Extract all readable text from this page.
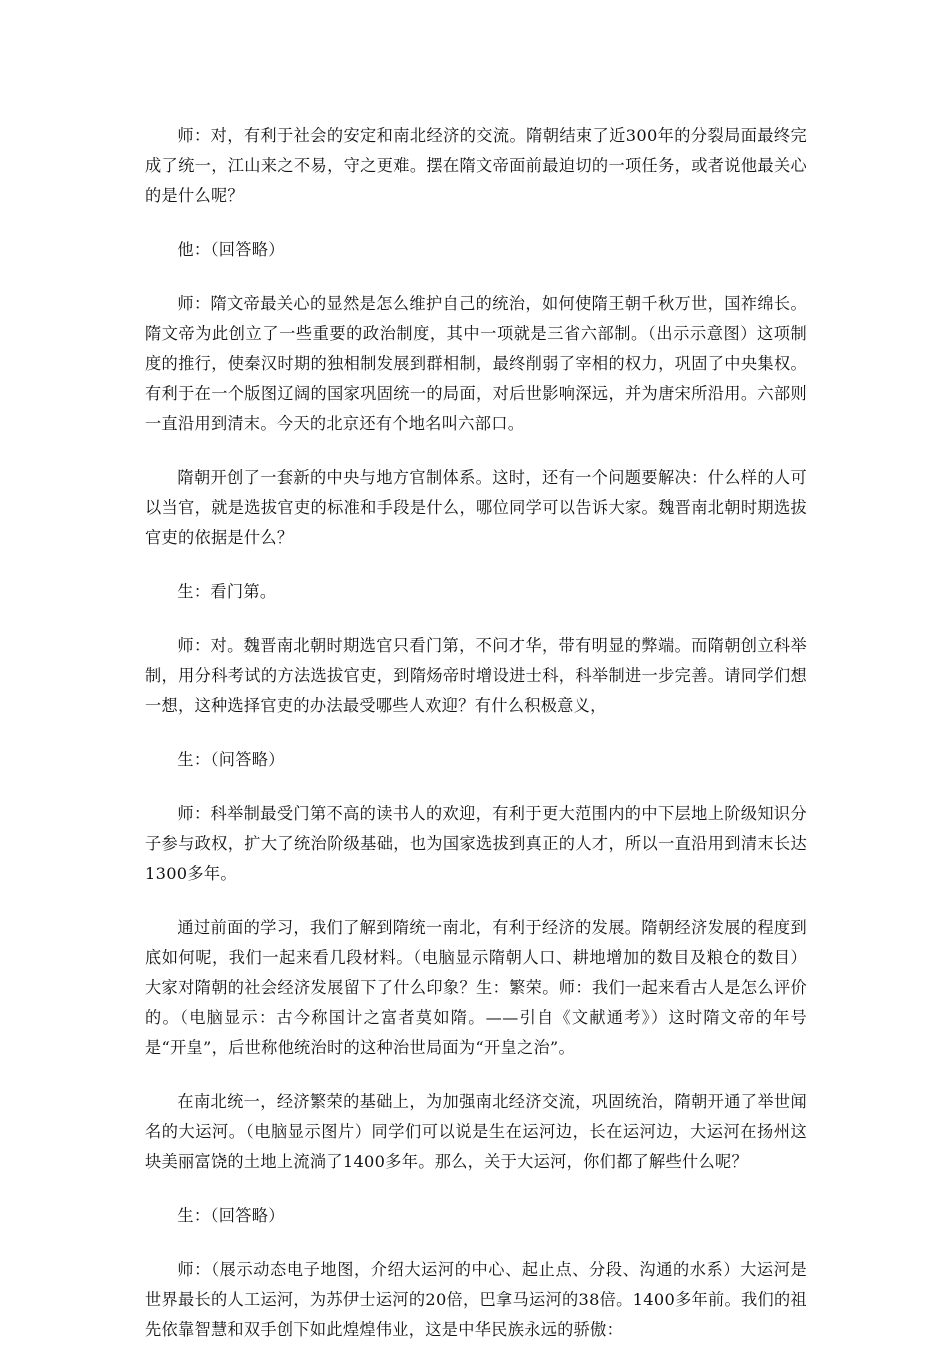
师：对，有利于社会的安定和南北经济的交流。隋朝结束了近300年的分裂局面最终完成了统一，江山来之不易，守之更难。摆在隋文帝面前最迫切的一项任务，或者说他最关心的是什么呢？

他：（回答略）

师：隋文帝最关心的显然是怎么维护自己的统治，如何使隋王朝千秋万世，国祚绵长。隋文帝为此创立了一些重要的政治制度，其中一项就是三省六部制。（出示示意图）这项制度的推行，使秦汉时期的独相制发展到群相制，最终削弱了宰相的权力，巩固了中央集权。有利于在一个版图辽阔的国家巩固统一的局面，对后世影响深远，并为唐宋所沿用。六部则一直沿用到清末。今天的北京还有个地名叫六部口。

隋朝开创了一套新的中央与地方官制体系。这时，还有一个问题要解决：什么样的人可以当官，就是选拔官吏的标准和手段是什么，哪位同学可以告诉大家。魏晋南北朝时期选拔官吏的依据是什么？

生：看门第。

师：对。魏晋南北朝时期选官只看门第，不问才华，带有明显的弊端。而隋朝创立科举制，用分科考试的方法选拔官吏，到隋炀帝时增设进士科，科举制进一步完善。请同学们想一想，这种选择官吏的办法最受哪些人欢迎？有什么积极意义，

生：（问答略）

师：科举制最受门第不高的读书人的欢迎，有利于更大范围内的中下层地上阶级知识分子参与政权，扩大了统治阶级基础，也为国家选拔到真正的人才，所以一直沿用到清末长达1300多年。

通过前面的学习，我们了解到隋统一南北，有利于经济的发展。隋朝经济发展的程度到底如何呢，我们一起来看几段材料。（电脑显示隋朝人口、耕地增加的数目及粮仓的数目）大家对隋朝的社会经济发展留下了什么印象？生：繁荣。师：我们一起来看古人是怎么评价的。（电脑显示：古今称国计之富者莫如隋。——引自《文献通考》）这时隋文帝的年号是“开皇”，后世称他统治时的这种治世局面为“开皇之治”。

在南北统一，经济繁荣的基础上，为加强南北经济交流，巩固统治，隋朝开通了举世闻名的大运河。（电脑显示图片）同学们可以说是生在运河边，长在运河边，大运河在扬州这块美丽富饶的土地上流淌了1400多年。那么，关于大运河，你们都了解些什么呢？

生：（回答略）

师：（展示动态电子地图，介绍大运河的中心、起止点、分段、沟通的水系）大运河是世界最长的人工运河，为苏伊士运河的20倍，巴拿马运河的38倍。1400多年前。我们的祖先依靠智慧和双手创下如此煌煌伟业，这是中华民族永远的骄傲：
